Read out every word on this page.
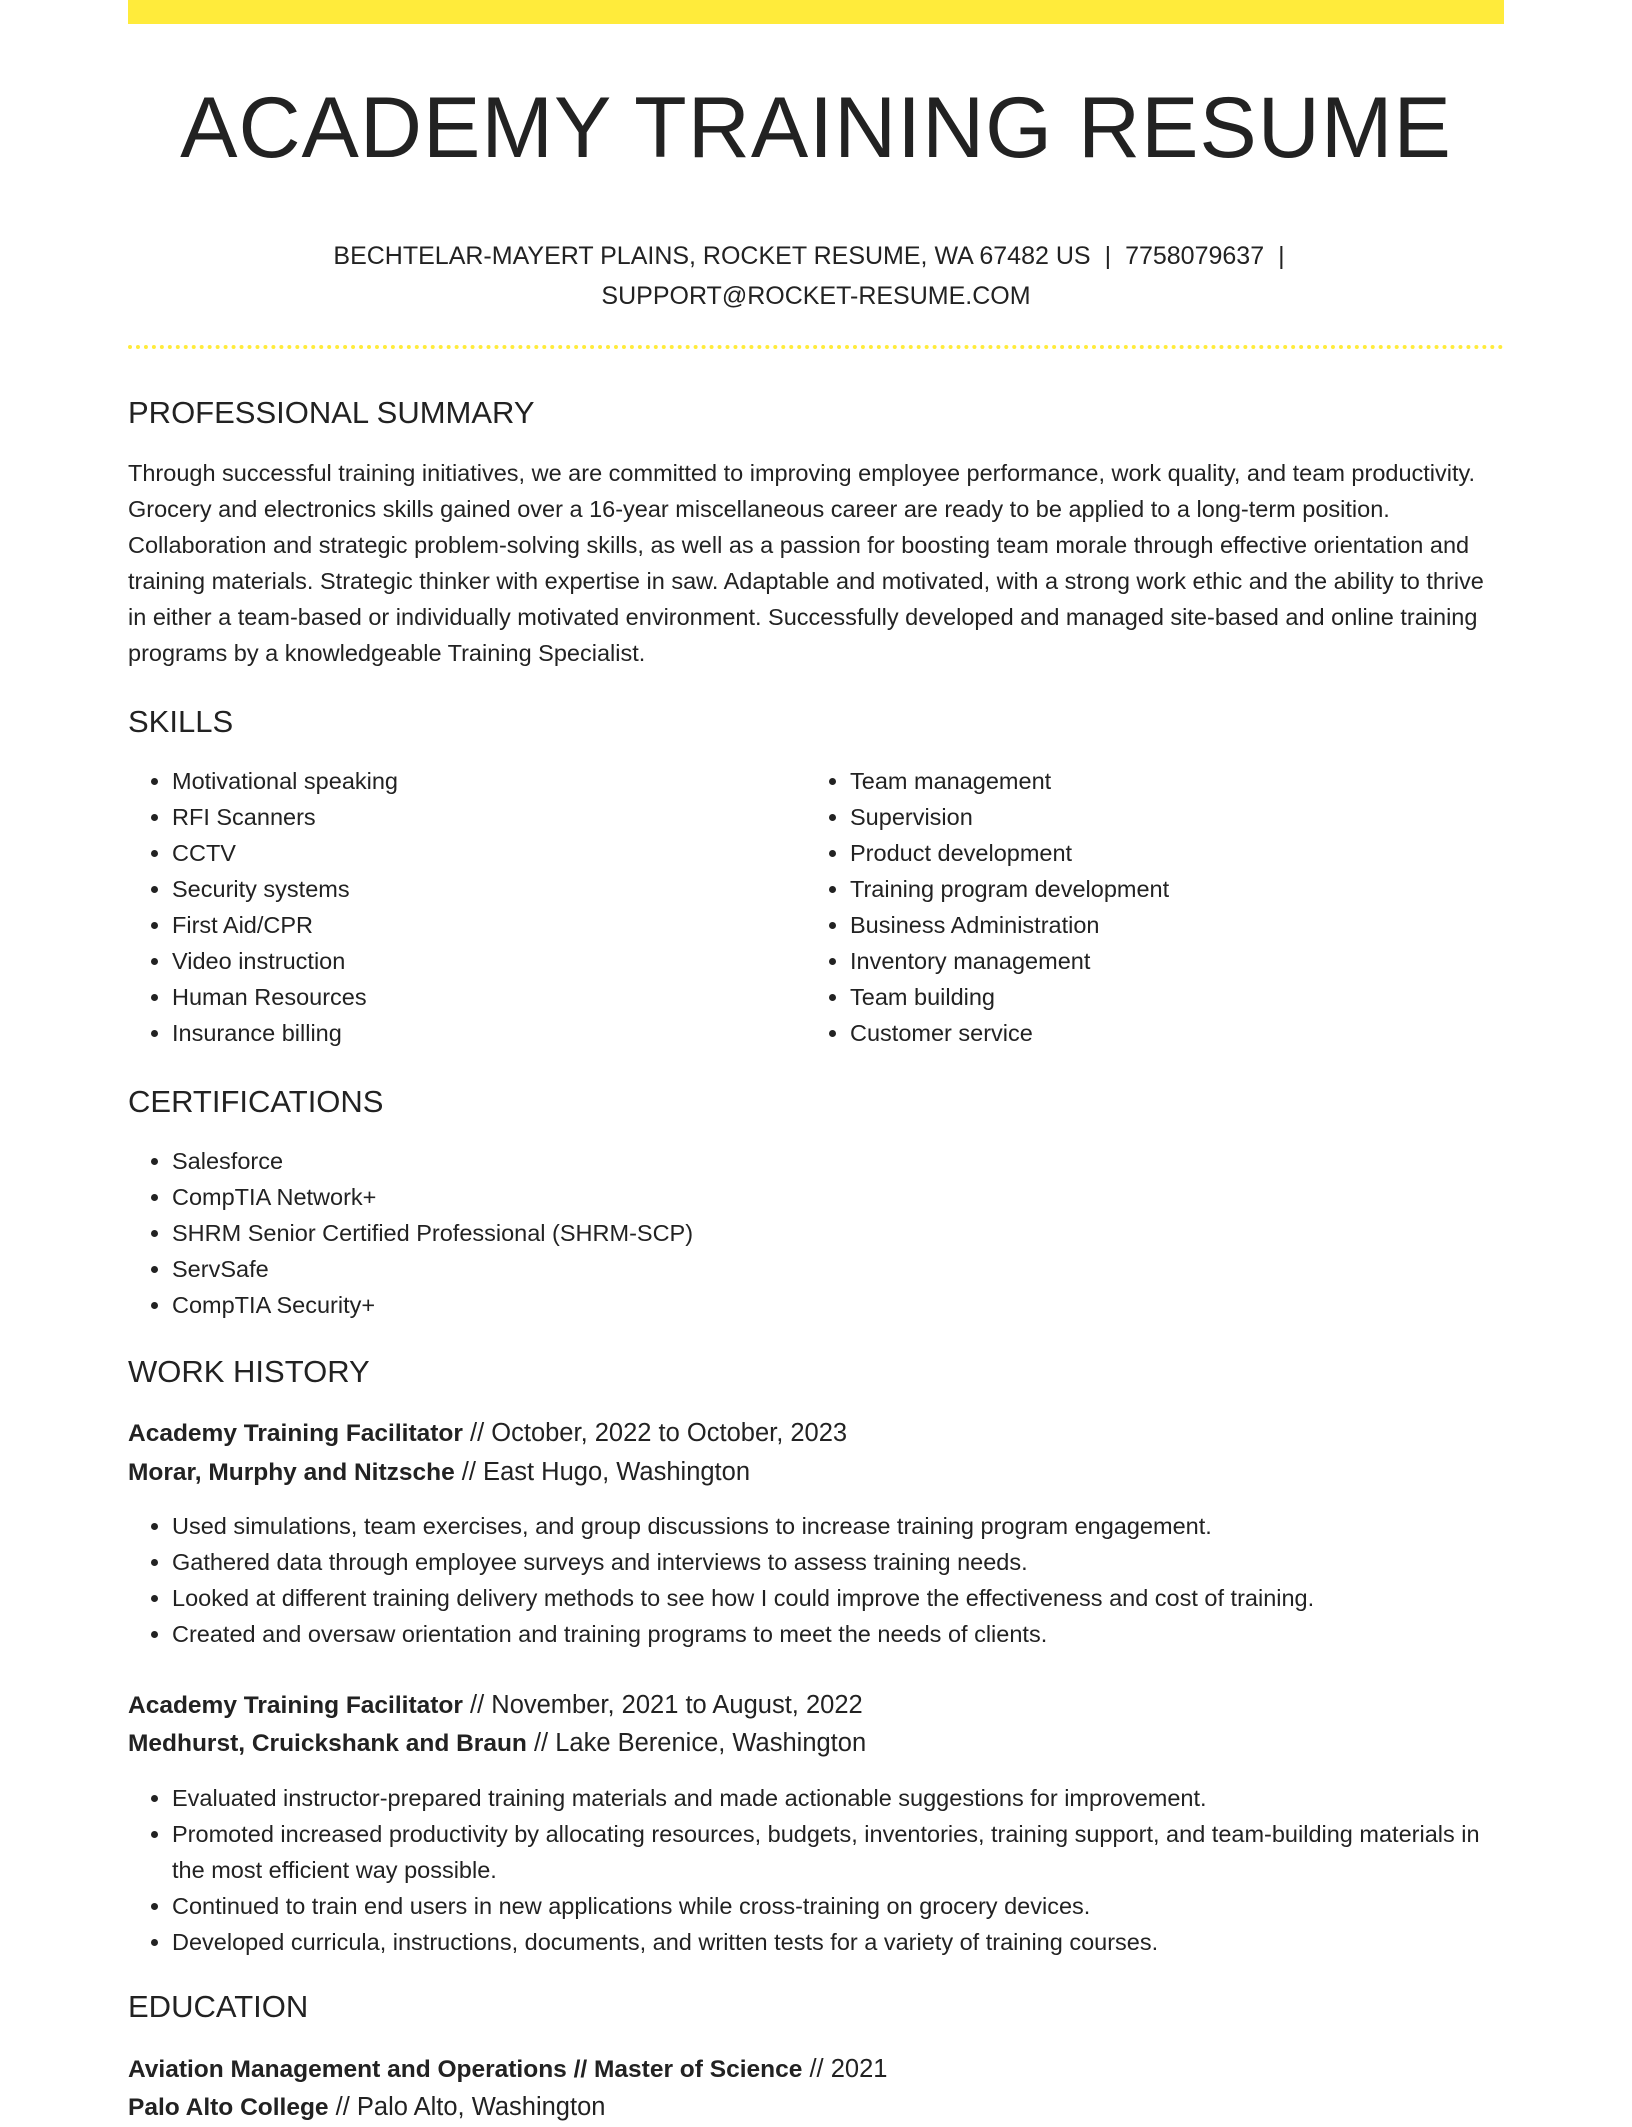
ACADEMY TRAINING RESUME
BECHTELAR-MAYERT PLAINS, ROCKET RESUME, WA 67482 US | 7758079637 |
SUPPORT@ROCKET-RESUME.COM
PROFESSIONAL SUMMARY
Through successful training initiatives, we are committed to improving employee performance, work quality, and team productivity. Grocery and electronics skills gained over a 16-year miscellaneous career are ready to be applied to a long-term position. Collaboration and strategic problem-solving skills, as well as a passion for boosting team morale through effective orientation and training materials. Strategic thinker with expertise in saw. Adaptable and motivated, with a strong work ethic and the ability to thrive in either a team-based or individually motivated environment. Successfully developed and managed site-based and online training programs by a knowledgeable Training Specialist.
SKILLS
• Motivational speaking
• RFI Scanners
• CCTV
• Security systems
• First Aid/CPR
• Video instruction
• Human Resources
• Insurance billing
• Team management
• Supervision
• Product development
• Training program development
• Business Administration
• Inventory management
• Team building
• Customer service
CERTIFICATIONS
• Salesforce
• CompTIA Network+
• SHRM Senior Certified Professional (SHRM-SCP)
• ServSafe
• CompTIA Security+
WORK HISTORY
Academy Training Facilitator // October, 2022 to October, 2023
Morar, Murphy and Nitzsche // East Hugo, Washington
• Used simulations, team exercises, and group discussions to increase training program engagement.
• Gathered data through employee surveys and interviews to assess training needs.
• Looked at different training delivery methods to see how I could improve the effectiveness and cost of training.
• Created and oversaw orientation and training programs to meet the needs of clients.
Academy Training Facilitator // November, 2021 to August, 2022
Medhurst, Cruickshank and Braun // Lake Berenice, Washington
• Evaluated instructor-prepared training materials and made actionable suggestions for improvement.
• Promoted increased productivity by allocating resources, budgets, inventories, training support, and team-building materials in the most efficient way possible.
• Continued to train end users in new applications while cross-training on grocery devices.
• Developed curricula, instructions, documents, and written tests for a variety of training courses.
EDUCATION
Aviation Management and Operations // Master of Science // 2021
Palo Alto College // Palo Alto, Washington
